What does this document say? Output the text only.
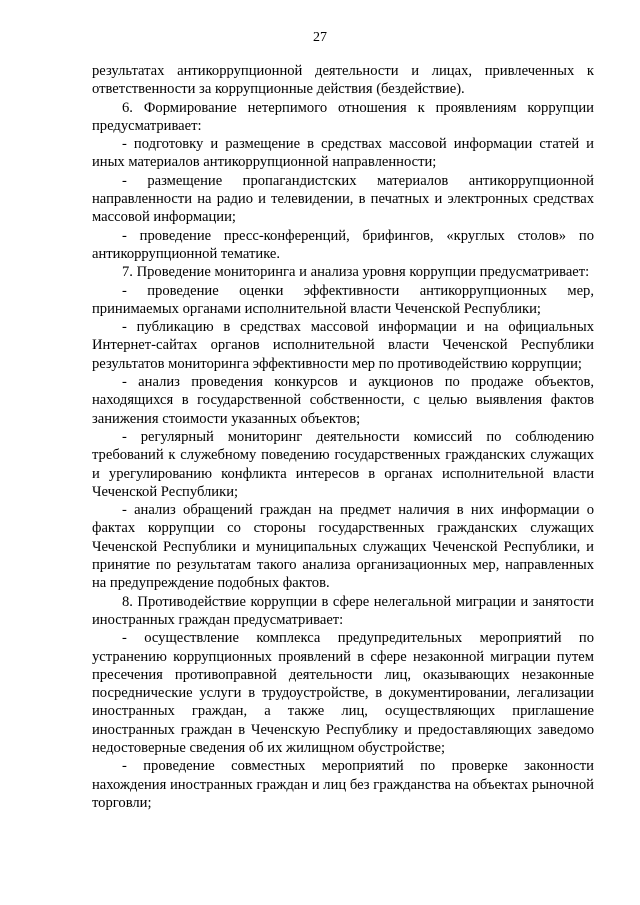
27

результатах антикоррупционной деятельности и лицах, привлеченных к ответственности за коррупционные действия (бездействие).

6. Формирование нетерпимого отношения к проявлениям коррупции предусматривает:

- подготовку и размещение в средствах массовой информации статей и иных материалов антикоррупционной направленности;

- размещение пропагандистских материалов антикоррупционной направленности на радио и телевидении, в печатных и электронных средствах массовой информации;

- проведение пресс-конференций, брифингов, «круглых столов» по антикоррупционной тематике.

7. Проведение мониторинга и анализа уровня коррупции предусматривает:

- проведение оценки эффективности антикоррупционных мер, принимаемых органами исполнительной власти Чеченской Республики;

- публикацию в средствах массовой информации и на официальных Интернет-сайтах органов исполнительной власти Чеченской Республики результатов мониторинга эффективности мер по противодействию коррупции;

- анализ проведения конкурсов и аукционов по продаже объектов, находящихся в государственной собственности, с целью выявления фактов занижения стоимости указанных объектов;

- регулярный мониторинг деятельности комиссий по соблюдению требований к служебному поведению государственных гражданских служащих и урегулированию конфликта интересов в органах исполнительной власти Чеченской Республики;

- анализ обращений граждан на предмет наличия в них информации о фактах коррупции со стороны государственных гражданских служащих Чеченской Республики и муниципальных служащих Чеченской Республики, и принятие по результатам такого анализа организационных мер, направленных на предупреждение подобных фактов.

8. Противодействие коррупции в сфере нелегальной миграции и занятости иностранных граждан предусматривает:

- осуществление комплекса предупредительных мероприятий по устранению коррупционных проявлений в сфере незаконной миграции путем пресечения противоправной деятельности лиц, оказывающих незаконные посреднические услуги в трудоустройстве, в документировании, легализации иностранных граждан, а также лиц, осуществляющих приглашение иностранных граждан в Чеченскую Республику и предоставляющих заведомо недостоверные сведения об их жилищном обустройстве;

- проведение совместных мероприятий по проверке законности нахождения иностранных граждан и лиц без гражданства на объектах рыночной торговли;
